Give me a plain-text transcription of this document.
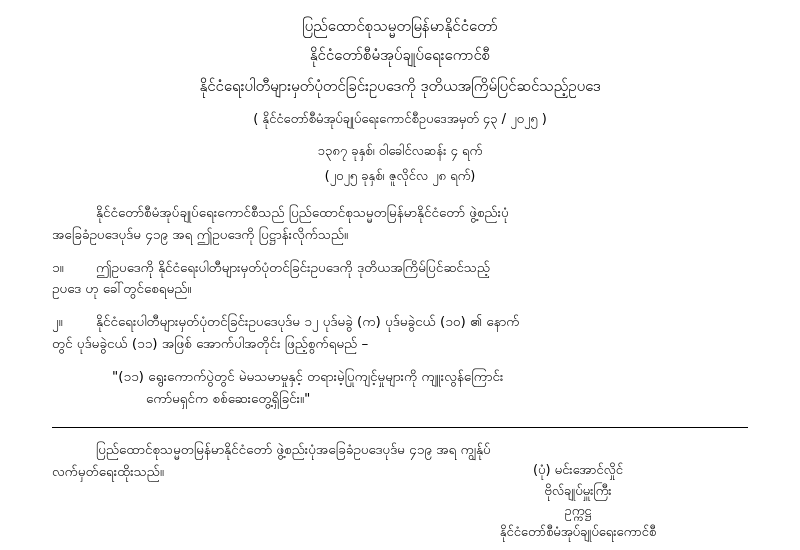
ပြည်ထောင်စုသမ္မတမြန်မာနိုင်ငံတော်
နိုင်ငံတော်စီမံအုပ်ချုပ်ရေးကောင်စီ
နိုင်ငံရေးပါတီများမှတ်ပုံတင်ခြင်းဥပဒေကို ဒုတိယအကြိမ်ပြင်ဆင်သည့်ဥပဒေ
( နိုင်ငံတော်စီမံအုပ်ချုပ်ရေးကောင်စီဥပဒေအမှတ် ၄၃ / ၂၀၂၅ )
၁၃၈၇ ခုနှစ်၊ ဝါခေါင်လဆန်း ၄ ရက်
(၂၀၂၅ ခုနှစ်၊ ဇူလိုင်လ ၂၈ ရက်)
နိုင်ငံတော်စီမံအုပ်ချုပ်ရေးကောင်စီသည် ပြည်ထောင်စုသမ္မတမြန်မာနိုင်ငံတော် ဖွဲ့စည်းပုံ
အခြေခံဥပဒေပုဒ်မ ၄၁၉ အရ ဤဥပဒေကို ပြဋ္ဌာန်းလိုက်သည်။
၁။	ဤဥပဒေကို နိုင်ငံရေးပါတီများမှတ်ပုံတင်ခြင်းဥပဒေကို ဒုတိယအကြိမ်ပြင်ဆင်သည့်
ဥပဒေ ဟု ခေါ်တွင်စေရမည်။
၂။	နိုင်ငံရေးပါတီများမှတ်ပုံတင်ခြင်းဥပဒေပုဒ်မ ၁၂ ပုဒ်မခွဲ (က) ပုဒ်မခွဲငယ် (၁၀) ၏ နောက်
တွင် ပုဒ်မခွဲငယ် (၁၁) အဖြစ် အောက်ပါအတိုင်း ဖြည့်စွက်ရမည် –
"(၁၁) ရွေးကောက်ပွဲတွင် မဲမသမာမှုနှင့် တရားမဲ့ပြုကျင့်မှုများကို ကျူးလွန်ကြောင်း
ကော်မရှင်က စစ်ဆေးတွေ့ရှိခြင်း။"
ပြည်ထောင်စုသမ္မတမြန်မာနိုင်ငံတော် ဖွဲ့စည်းပုံအခြေခံဥပဒေပုဒ်မ ၄၁၉ အရ ကျွန်ုပ်
လက်မှတ်ရေးထိုးသည်။	(ပုံ) မင်းအောင်လှိုင်
ဗိုလ်ချုပ်မှူးကြီး
ဥက္ကဋ္ဌ
နိုင်ငံတော်စီမံအုပ်ချုပ်ရေးကောင်စီ
